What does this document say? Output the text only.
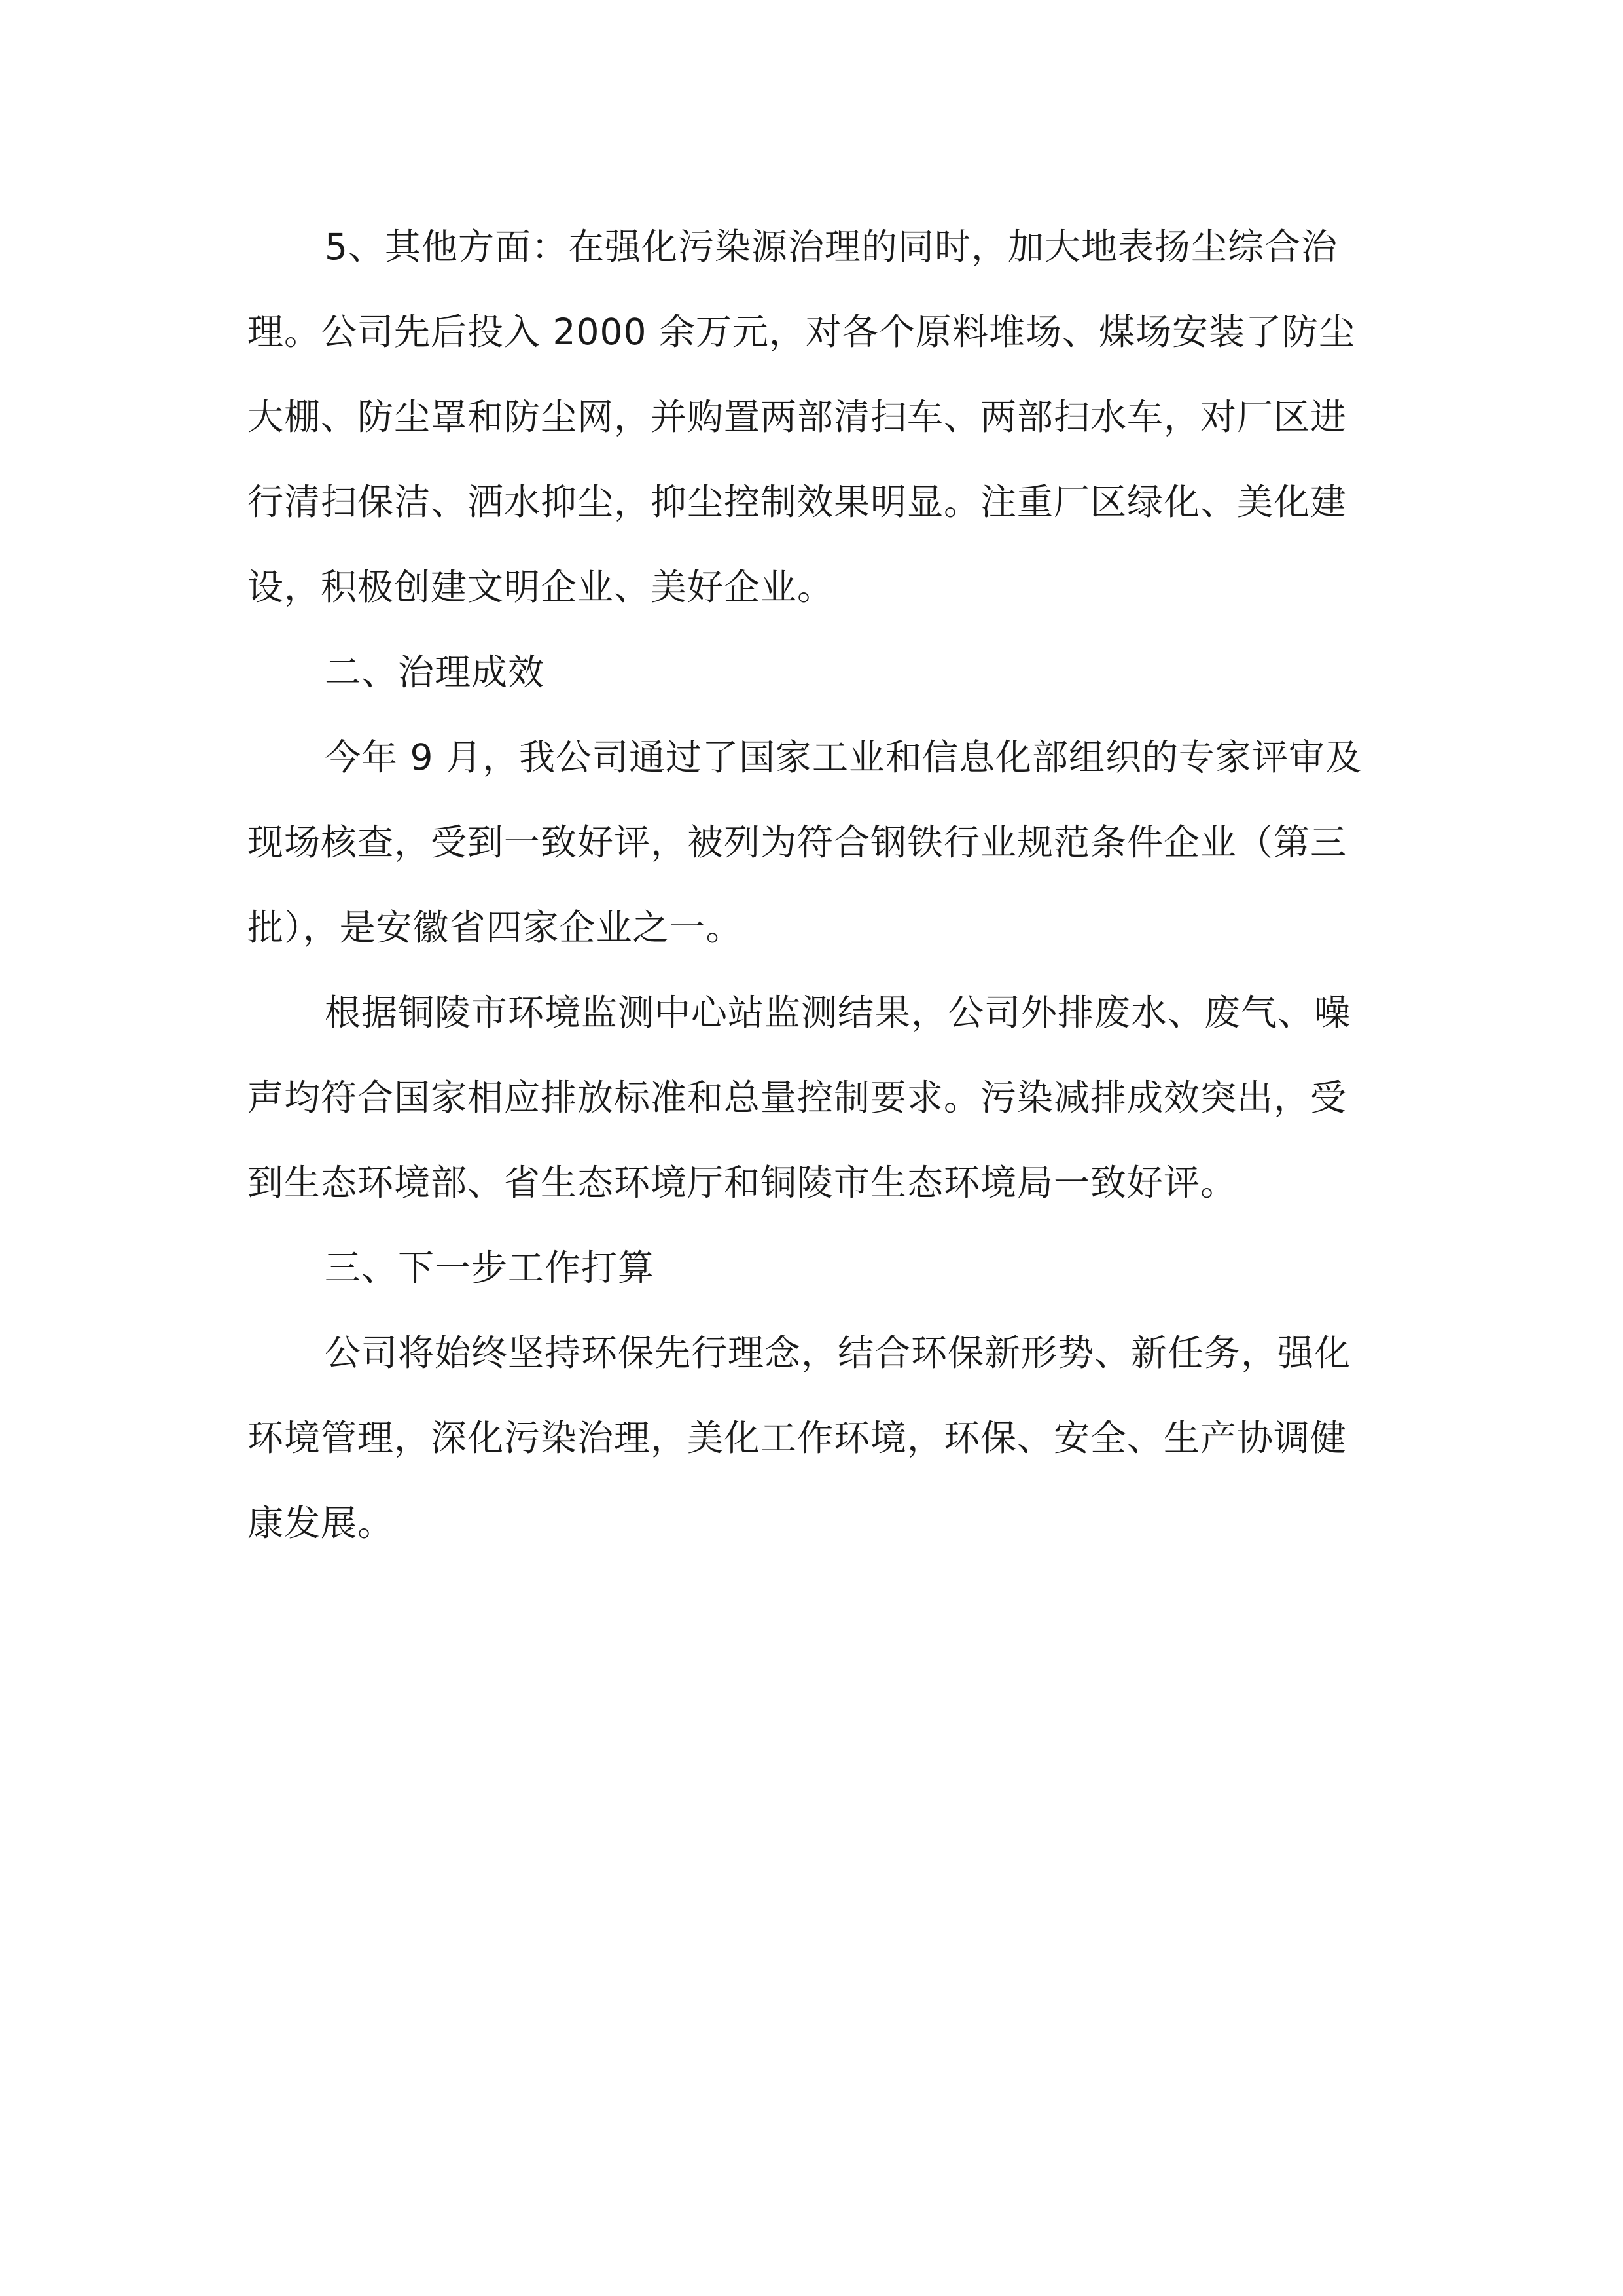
5、其他方面：在强化污染源治理的同时，加大地表扬尘综合治
理。公司先后投入 2000 余万元，对各个原料堆场、煤场安装了防尘
大棚、防尘罩和防尘网，并购置两部清扫车、两部扫水车，对厂区进
行清扫保洁、洒水抑尘，抑尘控制效果明显。注重厂区绿化、美化建
设，积极创建文明企业、美好企业。

二、治理成效

今年 9 月，我公司通过了国家工业和信息化部组织的专家评审及
现场核查，受到一致好评，被列为符合钢铁行业规范条件企业（第三
批），是安徽省四家企业之一。

根据铜陵市环境监测中心站监测结果，公司外排废水、废气、噪
声均符合国家相应排放标准和总量控制要求。污染减排成效突出，受
到生态环境部、省生态环境厅和铜陵市生态环境局一致好评。

三、下一步工作打算

公司将始终坚持环保先行理念，结合环保新形势、新任务，强化
环境管理，深化污染治理，美化工作环境，环保、安全、生产协调健
康发展。
